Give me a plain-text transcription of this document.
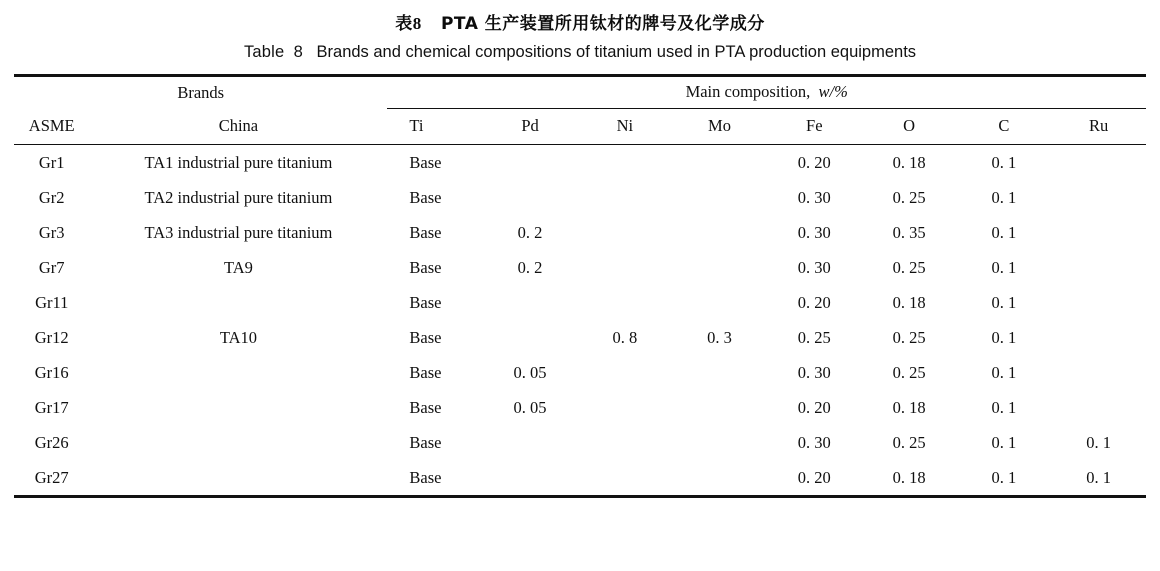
表8 PTA 生产装置所用钛材的牌号及化学成分
Table 8 Brands and chemical compositions of titanium used in PTA production equipments

Brands		Main composition, w/%							

ASME	China	Ti	Pd	Ni	Mo	Fe	O	C	Ru

Gr1	TA1 industrial pure titanium	Base				0. 20	0. 18	0. 1	
Gr2	TA2 industrial pure titanium	Base				0. 30	0. 25	0. 1	
Gr3	TA3 industrial pure titanium	Base	0. 2			0. 30	0. 35	0. 1	
Gr7	TA9	Base	0. 2			0. 30	0. 25	0. 1	
Gr11		Base				0. 20	0. 18	0. 1	
Gr12	TA10	Base		0. 8	0. 3	0. 25	0. 25	0. 1	
Gr16		Base	0. 05			0. 30	0. 25	0. 1	
Gr17		Base	0. 05			0. 20	0. 18	0. 1	
Gr26		Base				0. 30	0. 25	0. 1	0. 1
Gr27		Base				0. 20	0. 18	0. 1	0. 1
